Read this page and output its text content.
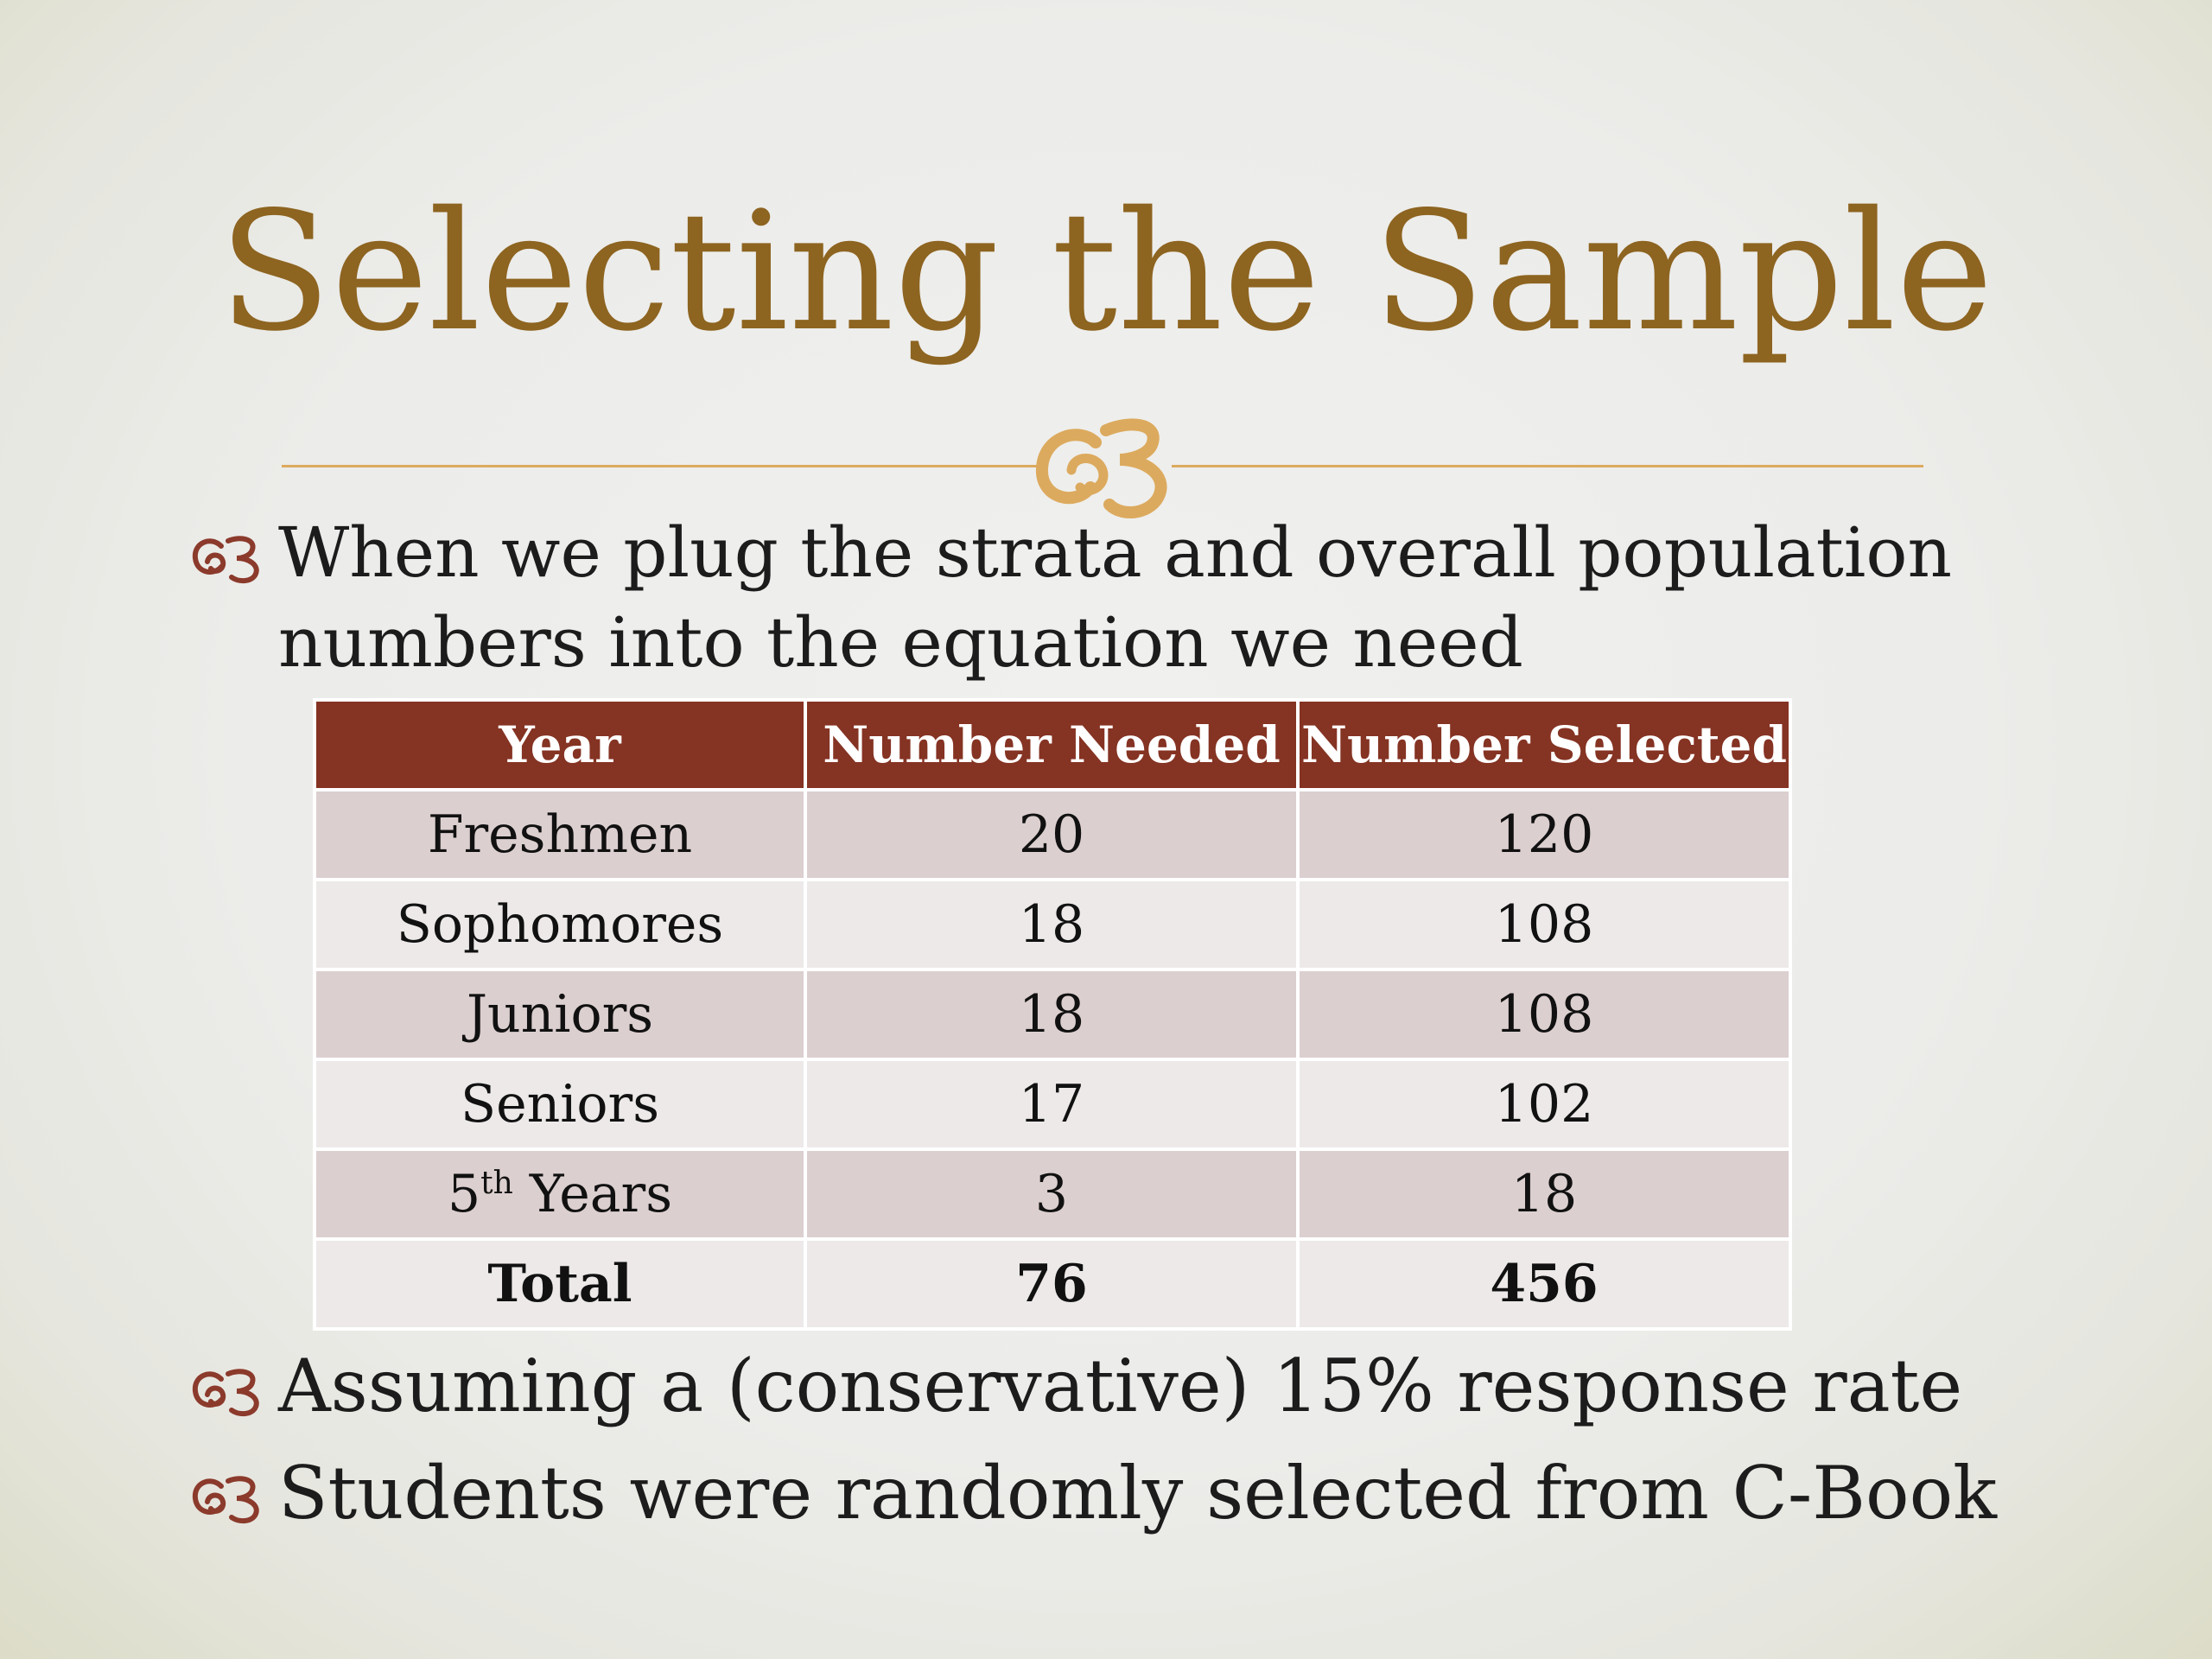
Selecting the Sample
When we plug the strata and overall population
numbers into the equation we need
Year	Number Needed	Number Selected
Freshmen	20	120
Sophomores	18	108
Juniors	18	108
Seniors	17	102
5th Years	3	18
Total	76	456
Assuming a (conservative) 15% response rate
Students were randomly selected from C-Book
